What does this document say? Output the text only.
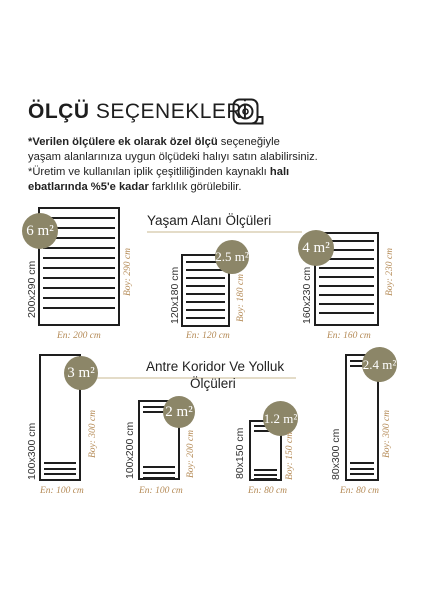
ÖLÇÜ SEÇENEKLERİ
*Verilen ölçülere ek olarak özel ölçü seçeneğiyle
yaşam alanlarınıza uygun ölçüdeki halıyı satın alabilirsiniz.
*Üretim ve kullanılan iplik çeşitliliğinden kaynaklı halı
ebatlarında %5'e kadar farklılık görülebilir.
Yaşam Alanı Ölçüleri
Antre Koridor Ve Yolluk
Ölçüleri
6 m²
200x290 cm	Boy: 290 cm
En: 200 cm
2.5 m²
120x180 cm	Boy: 180 cm
En: 120 cm
4 m²
160x230 cm	Boy: 230 cm
En: 160 cm
3 m²
100x300 cm	Boy: 300 cm
En: 100 cm
2 m²
100x200 cm	Boy: 200 cm
En: 100 cm
1.2 m²
80x150 cm	Boy: 150 cm
En: 80 cm
2.4 m²
80x300 cm	Boy: 300 cm
En: 80 cm
